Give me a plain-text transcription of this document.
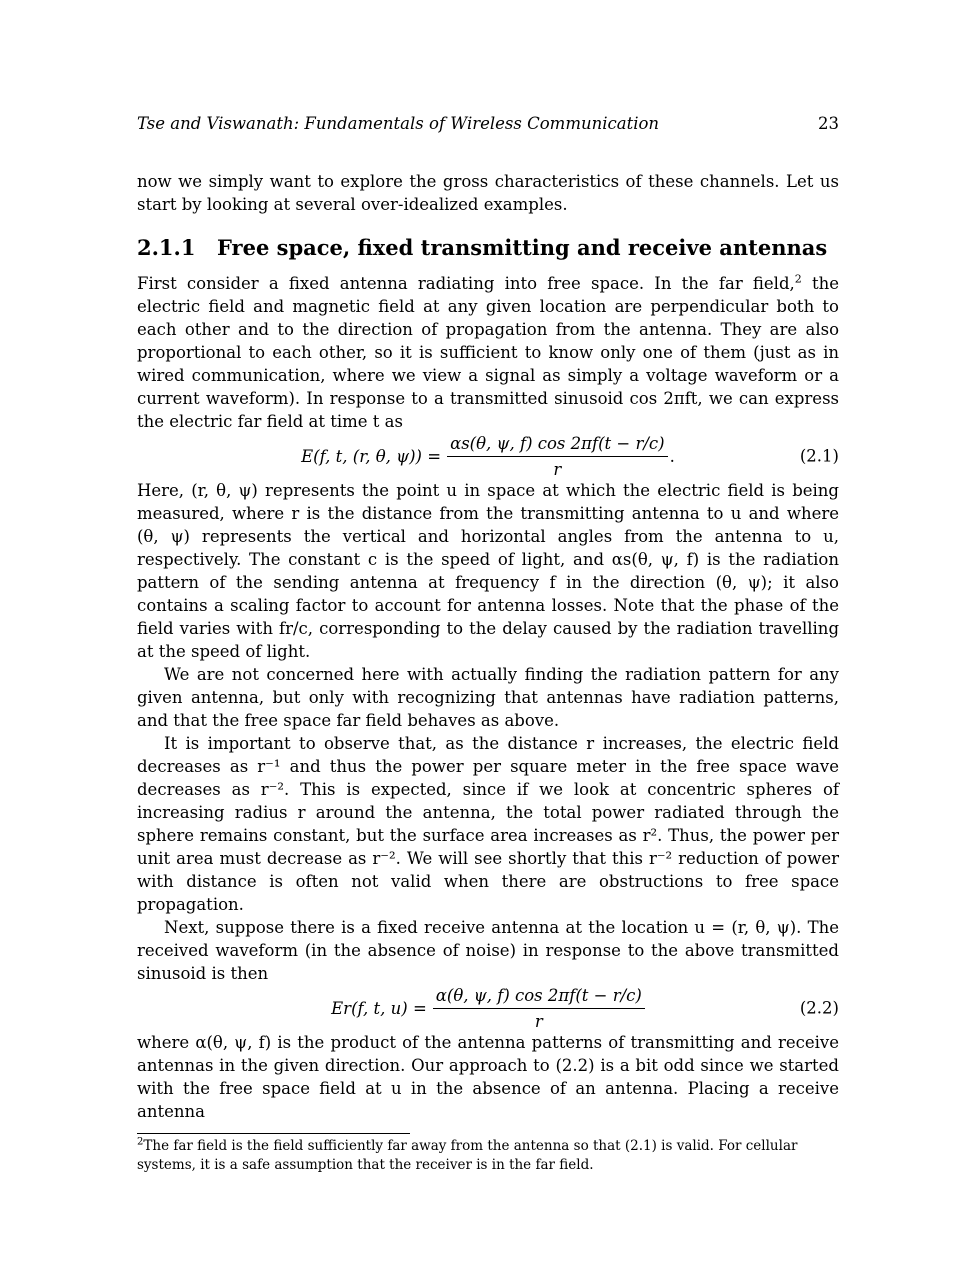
Tse and Viswanath: Fundamentals of Wireless Communication	23

now we simply want to explore the gross characteristics of these channels. Let us start by looking at several over-idealized examples.

2.1.1 Free space, fixed transmitting and receive antennas

First consider a fixed antenna radiating into free space. In the far field,$^2$ the electric field and magnetic field at any given location are perpendicular both to each other and to the direction of propagation from the antenna. They are also proportional to each other, so it is sufficient to know only one of them (just as in wired communication, where we view a signal as simply a voltage waveform or a current waveform). In response to a transmitted sinusoid cos 2πft, we can express the electric far field at time t as

E(f, t, (r, θ, $\psi)) = \frac{\alpha s(\theta, \psi, f) \cos 2\pi f(t - r/c)}{r}$ .	(2.1)

Here, (r, θ, ψ) represents the point u in space at which the electric field is being measured, where r is the distance from the transmitting antenna to u and where (θ, ψ) represents the vertical and horizontal angles from the antenna to u, respectively. The constant c is the speed of light, and αs(θ, ψ, f) is the radiation pattern of the sending antenna at frequency f in the direction (θ, ψ); it also contains a scaling factor to account for antenna losses. Note that the phase of the field varies with fr/c, corresponding to the delay caused by the radiation travelling at the speed of light.

We are not concerned here with actually finding the radiation pattern for any given antenna, but only with recognizing that antennas have radiation patterns, and that the free space far field behaves as above.

It is important to observe that, as the distance r increases, the electric field decreases as r⁻¹ and thus the power per square meter in the free space wave decreases as r⁻². This is expected, since if we look at concentric spheres of increasing radius r around the antenna, the total power radiated through the sphere remains constant, but the surface area increases as r². Thus, the power per unit area must decrease as r⁻². We will see shortly that this r⁻² reduction of power with distance is often not valid when there are obstructions to free space propagation.

Next, suppose there is a fixed receive antenna at the location u = (r, θ, ψ). The received waveform (in the absence of noise) in response to the above transmitted sinusoid is then

Er(f, t, $u) = \frac{\alpha(\theta, \psi, f) \cos 2\pi f(t - r/c)}{r}$	(2.2)

where α(θ, ψ, f) is the product of the antenna patterns of transmitting and receive antennas in the given direction. Our approach to (2.2) is a bit odd since we started with the free space field at u in the absence of an antenna. Placing a receive antenna

$^2$The far field is the field sufficiently far away from the antenna so that (2.1) is valid. For cellular systems, it is a safe assumption that the receiver is in the far field.
